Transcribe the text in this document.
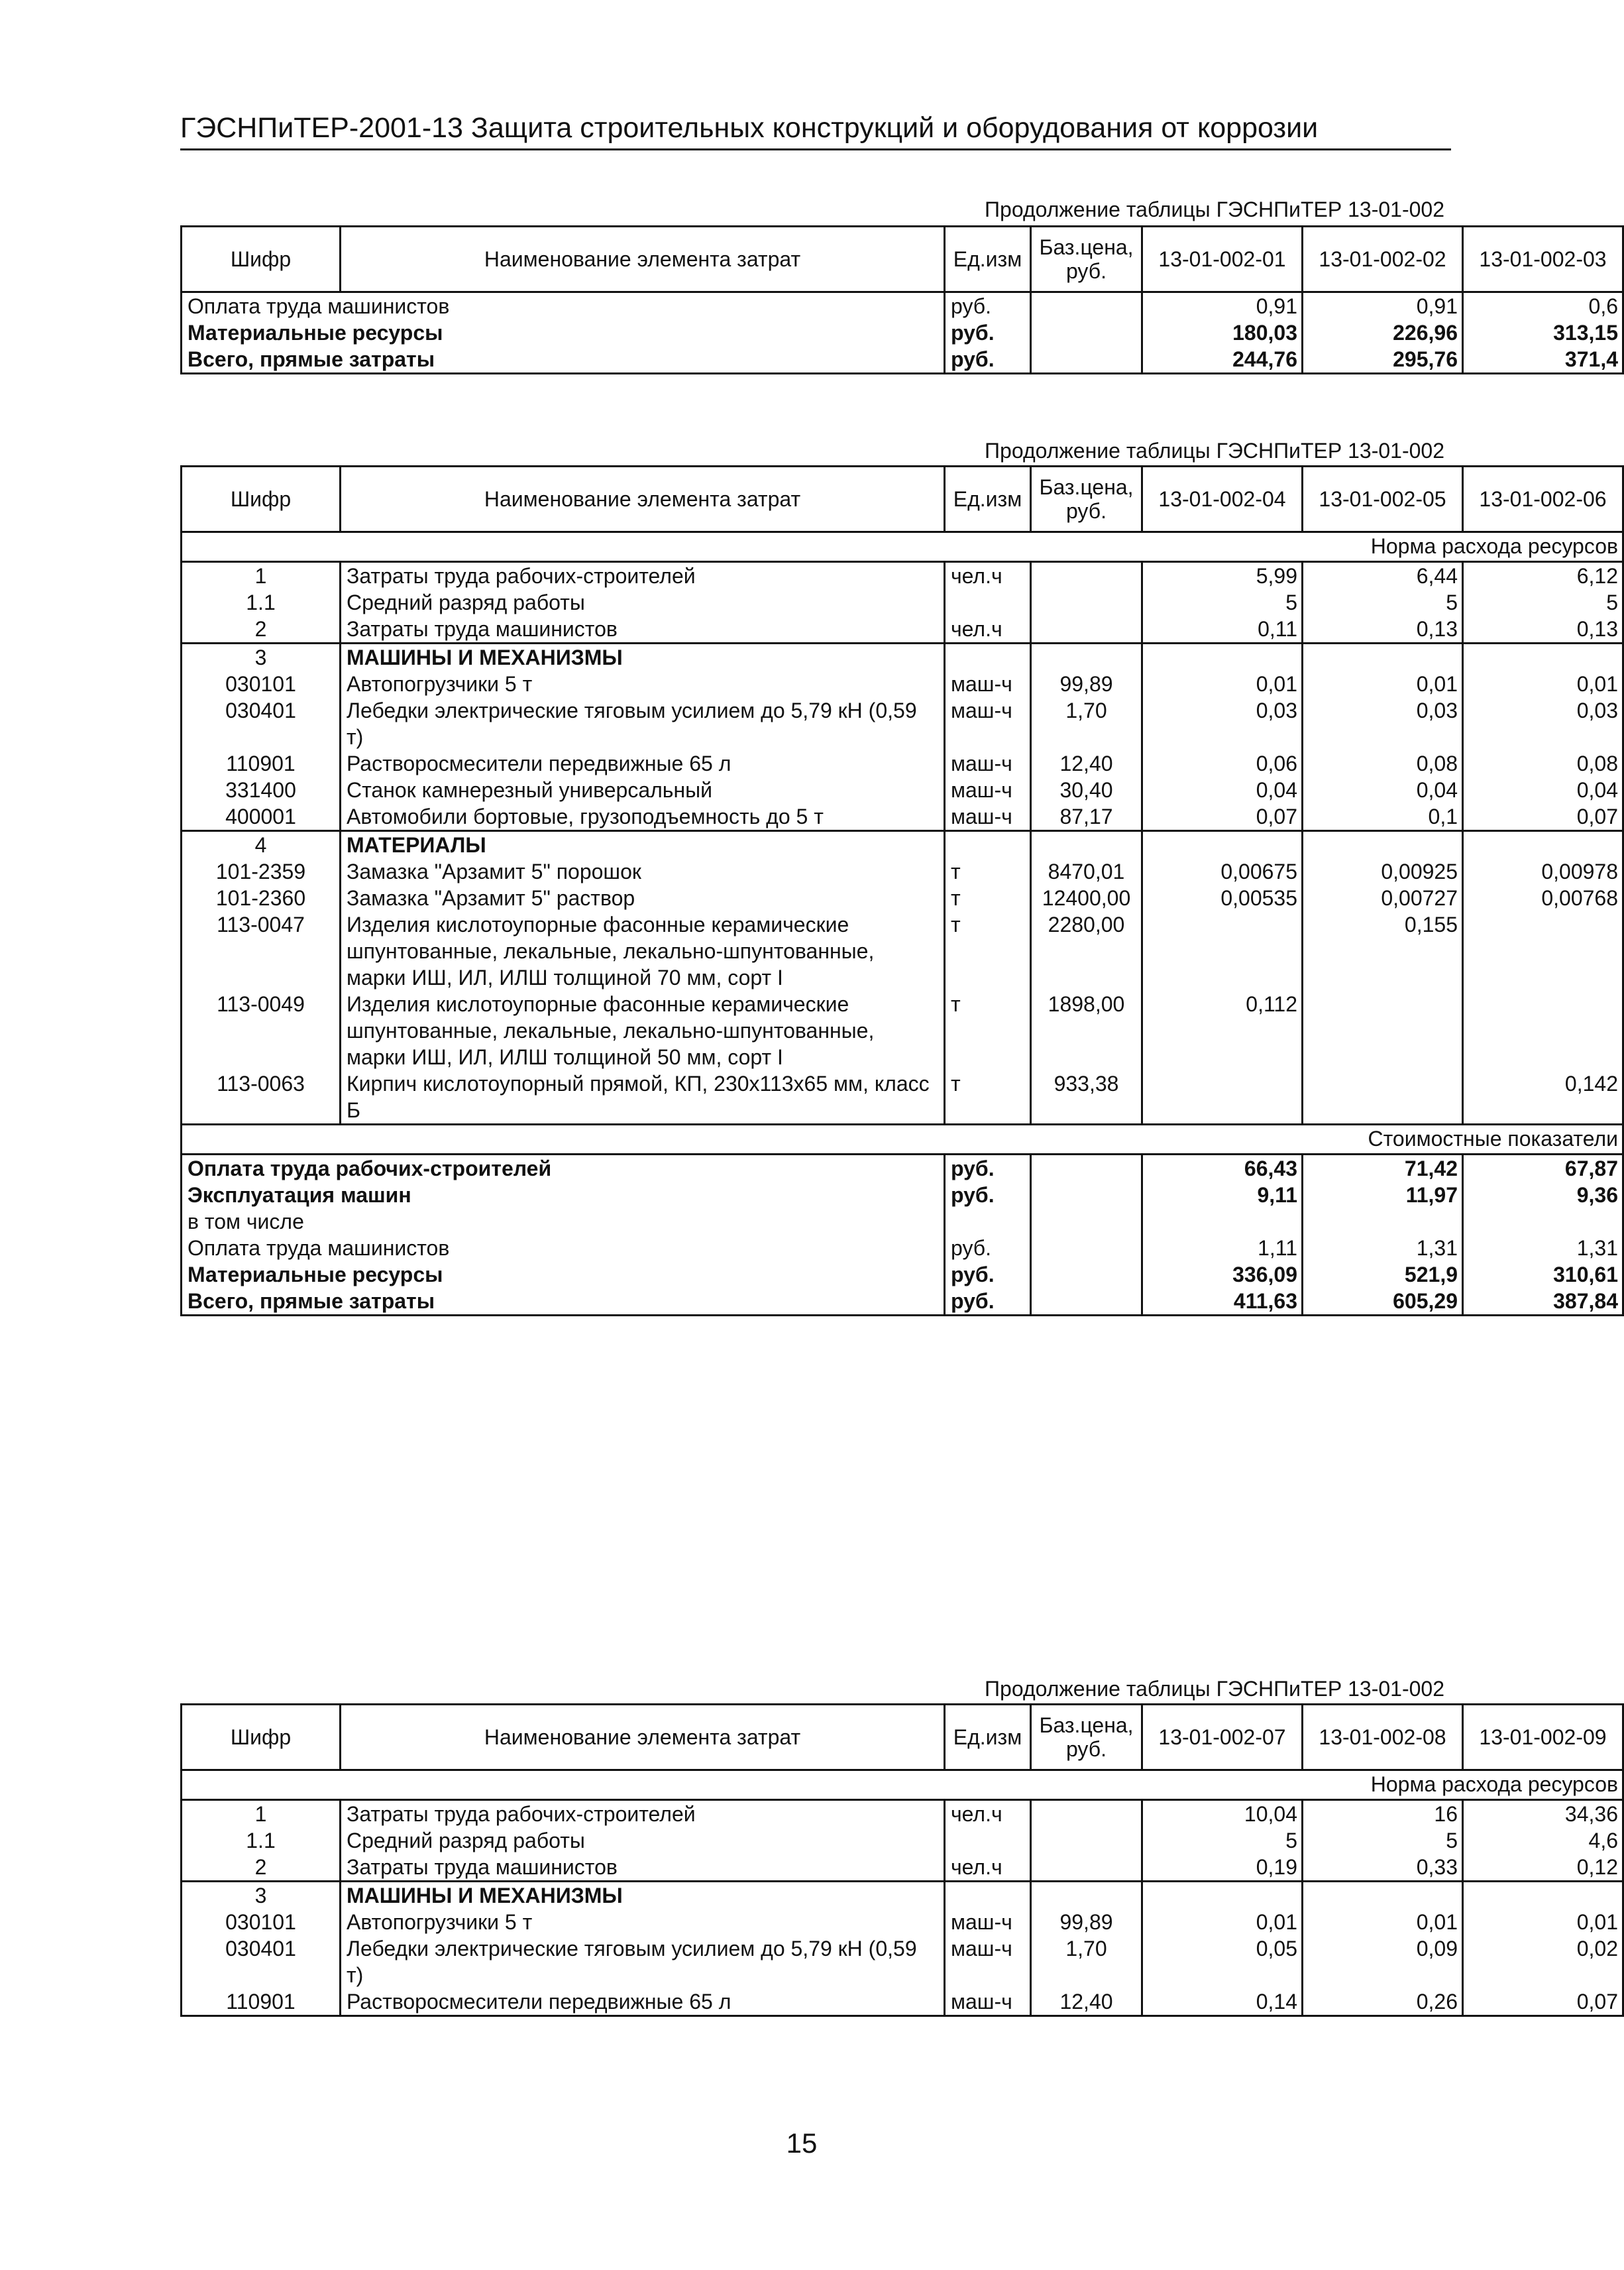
ГЭСНПиТЕР-2001-13 Защита строительных конструкций и оборудования от коррозии
Продолжение таблицы ГЭСНПиТЕР 13-01-002
Шифр	Наименование элемента затрат	Ед.изм	Баз.цена, руб.	13-01-002-01	13-01-002-02	13-01-002-03
Оплата труда машинистов		руб.		0,91	0,91	0,6
Материальные ресурсы		руб.		180,03	226,96	313,15
Всего, прямые затраты		руб.		244,76	295,76	371,4
Продолжение таблицы ГЭСНПиТЕР 13-01-002
Шифр	Наименование элемента затрат	Ед.изм	Баз.цена, руб.	13-01-002-04	13-01-002-05	13-01-002-06
Норма расхода ресурсов						
1	Затраты труда рабочих-строителей	чел.ч		5,99	6,44	6,12
1.1	Средний разряд работы			5	5	5
2	Затраты труда машинистов	чел.ч		0,11	0,13	0,13
3	МАШИНЫ И МЕХАНИЗМЫ					
030101	Автопогрузчики 5 т	маш-ч	99,89	0,01	0,01	0,01
030401	Лебедки электрические тяговым усилием до 5,79 кН (0,59 т)	маш-ч	1,70	0,03	0,03	0,03
110901	Растворосмесители передвижные 65 л	маш-ч	12,40	0,06	0,08	0,08
331400	Станок камнерезный универсальный	маш-ч	30,40	0,04	0,04	0,04
400001	Автомобили бортовые, грузоподъемность до 5 т	маш-ч	87,17	0,07	0,1	0,07
4	МАТЕРИАЛЫ					
101-2359	Замазка "Арзамит 5" порошок	т	8470,01	0,00675	0,00925	0,00978
101-2360	Замазка "Арзамит 5" раствор	т	12400,00	0,00535	0,00727	0,00768
113-0047	Изделия кислотоупорные фасонные керамические шпунтованные, лекальные, лекально-шпунтованные, марки ИШ, ИЛ, ИЛШ толщиной 70 мм, сорт I	т	2280,00		0,155	
113-0049	Изделия кислотоупорные фасонные керамические шпунтованные, лекальные, лекально-шпунтованные, марки ИШ, ИЛ, ИЛШ толщиной 50 мм, сорт I	т	1898,00	0,112		
113-0063	Кирпич кислотоупорный прямой, КП, 230x113x65 мм, класс Б	т	933,38			0,142
Стоимостные показатели						
Оплата труда рабочих-строителей		руб.		66,43	71,42	67,87
Эксплуатация машин		руб.		9,11	11,97	9,36
в том числе						
Оплата труда машинистов		руб.		1,11	1,31	1,31
Материальные ресурсы		руб.		336,09	521,9	310,61
Всего, прямые затраты		руб.		411,63	605,29	387,84
Продолжение таблицы ГЭСНПиТЕР 13-01-002
Шифр	Наименование элемента затрат	Ед.изм	Баз.цена, руб.	13-01-002-07	13-01-002-08	13-01-002-09
Норма расхода ресурсов						
1	Затраты труда рабочих-строителей	чел.ч		10,04	16	34,36
1.1	Средний разряд работы			5	5	4,6
2	Затраты труда машинистов	чел.ч		0,19	0,33	0,12
3	МАШИНЫ И МЕХАНИЗМЫ					
030101	Автопогрузчики 5 т	маш-ч	99,89	0,01	0,01	0,01
030401	Лебедки электрические тяговым усилием до 5,79 кН (0,59 т)	маш-ч	1,70	0,05	0,09	0,02
110901	Растворосмесители передвижные 65 л	маш-ч	12,40	0,14	0,26	0,07
15
